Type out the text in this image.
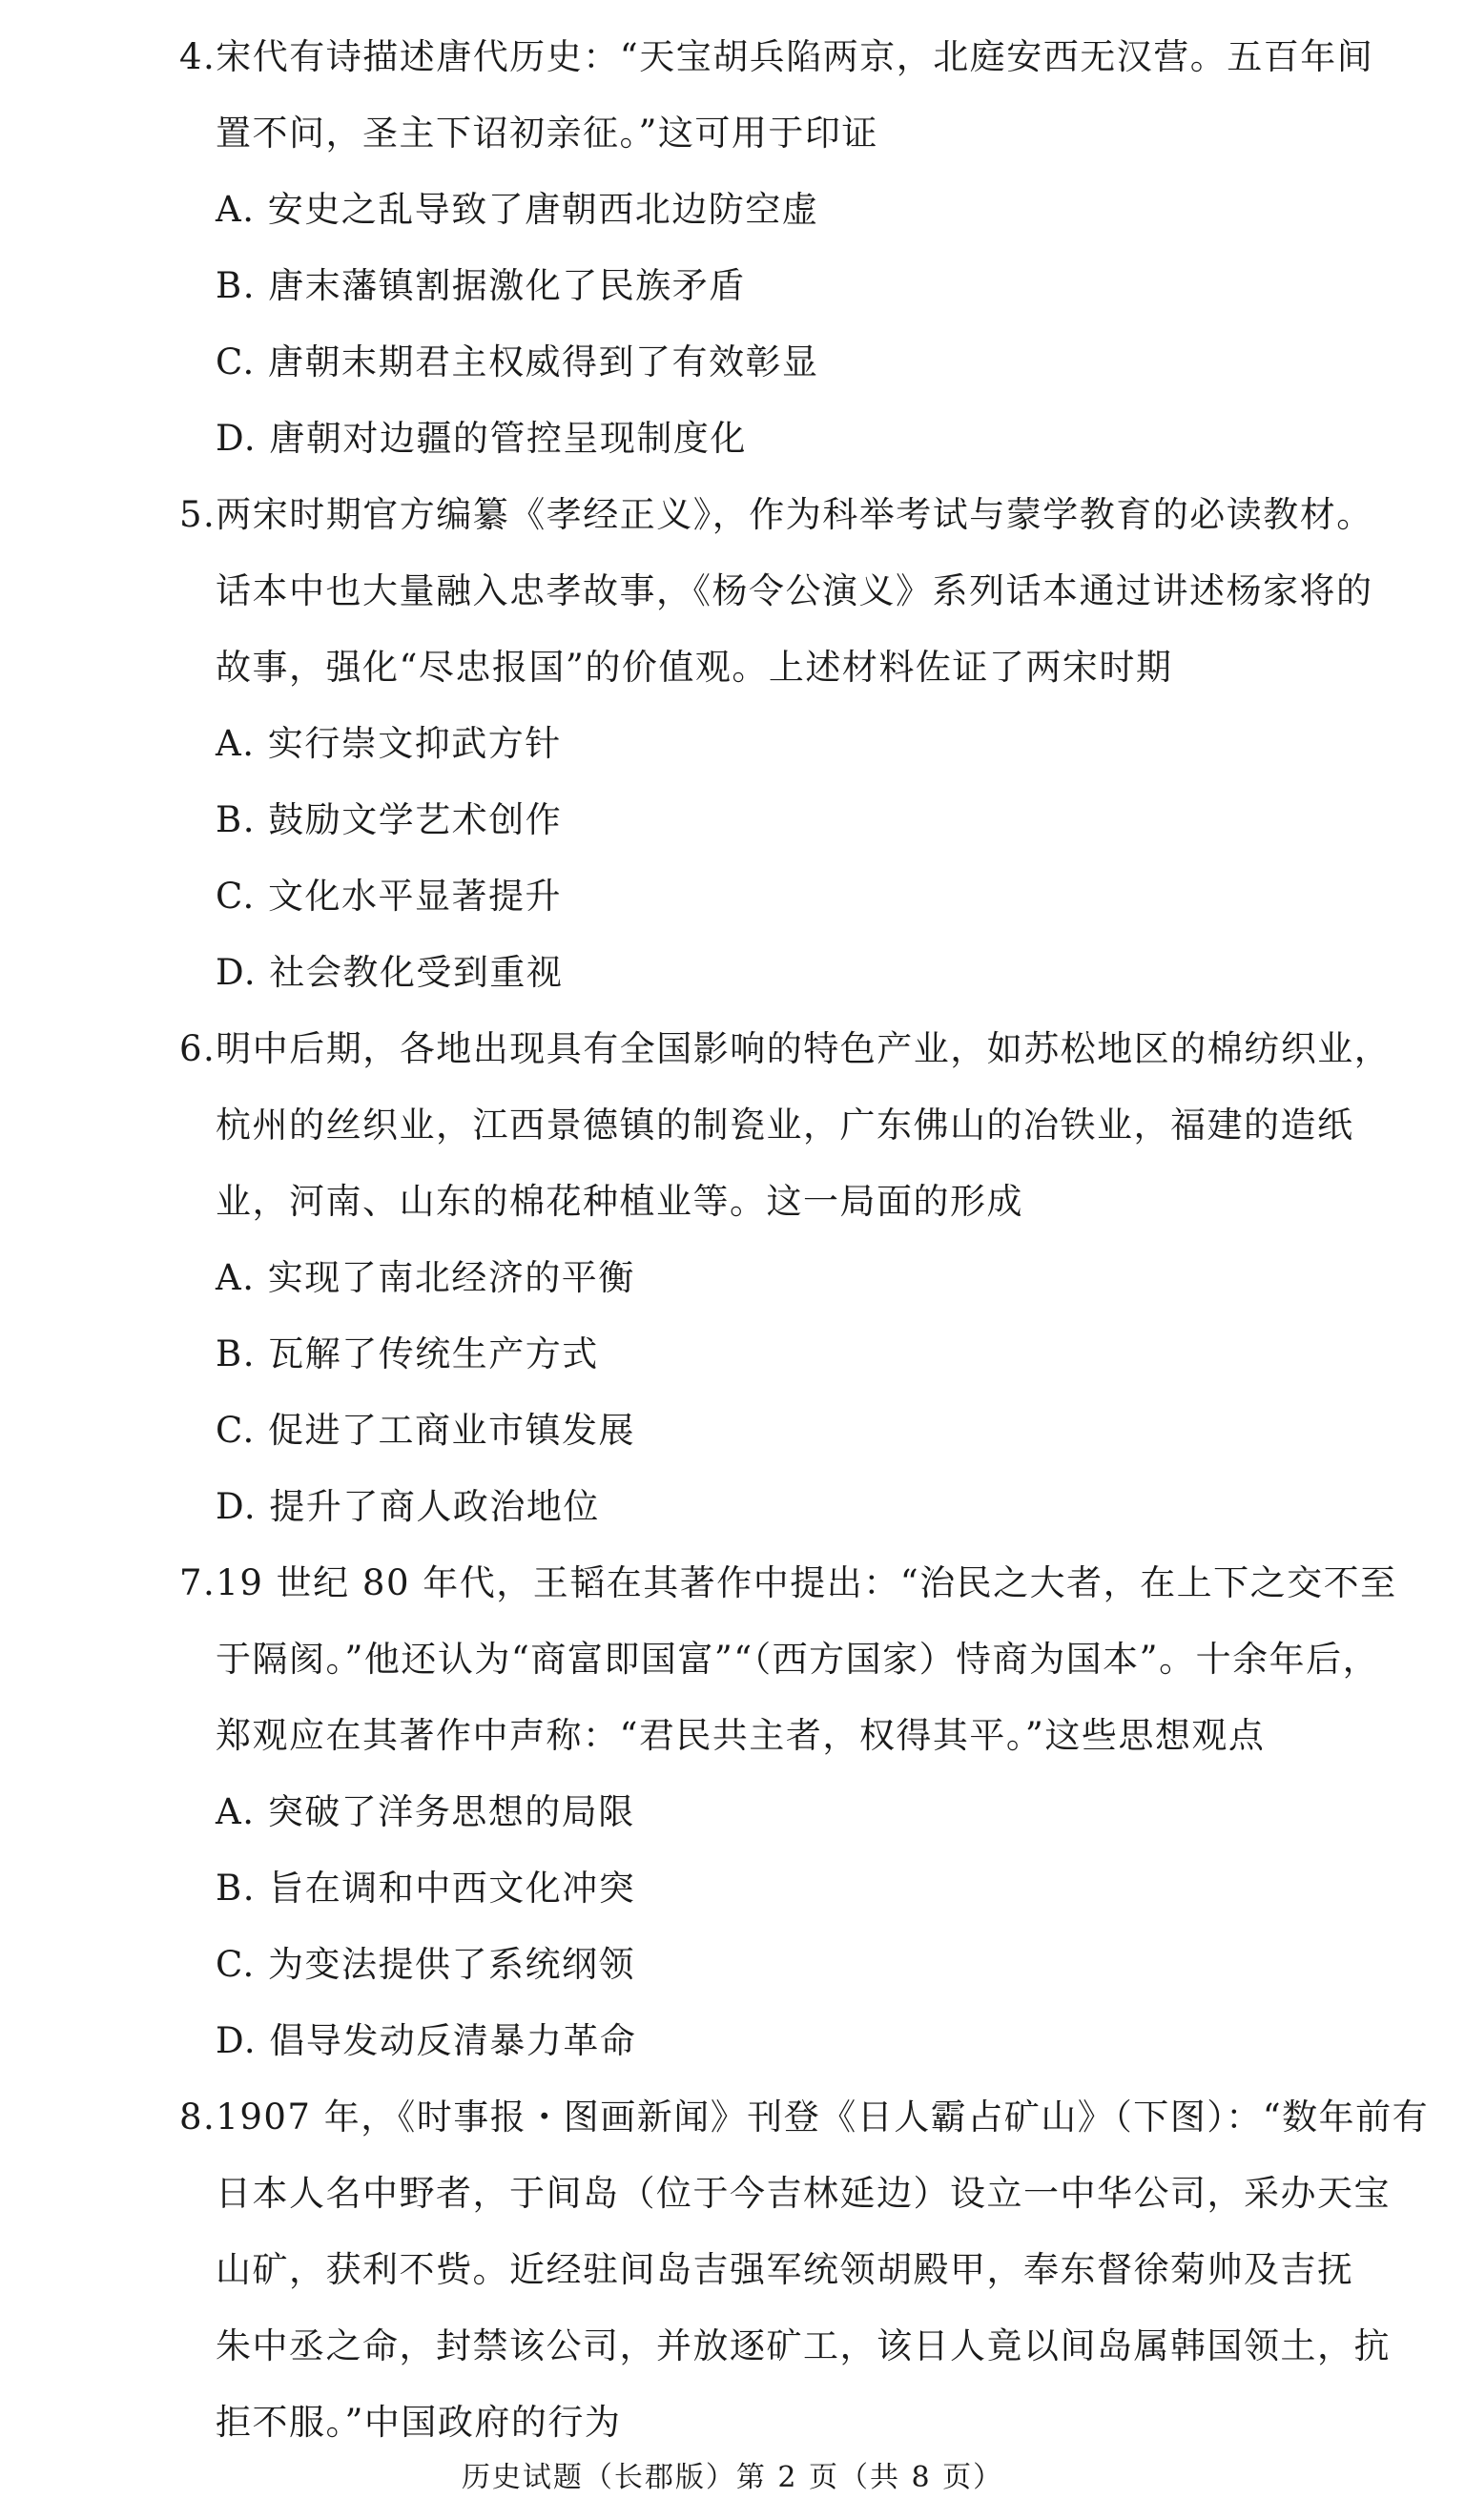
4.宋代有诗描述唐代历史：“天宝胡兵陷两京，北庭安西无汉营。五百年间
置不问，圣主下诏初亲征。”这可用于印证
A. 安史之乱导致了唐朝西北边防空虚
B. 唐末藩镇割据激化了民族矛盾
C. 唐朝末期君主权威得到了有效彰显
D. 唐朝对边疆的管控呈现制度化
5.两宋时期官方编纂《孝经正义》，作为科举考试与蒙学教育的必读教材。
话本中也大量融入忠孝故事，《杨令公演义》系列话本通过讲述杨家将的
故事，强化“尽忠报国”的价值观。上述材料佐证了两宋时期
A. 实行崇文抑武方针
B. 鼓励文学艺术创作
C. 文化水平显著提升
D. 社会教化受到重视
6.明中后期，各地出现具有全国影响的特色产业，如苏松地区的棉纺织业，
杭州的丝织业，江西景德镇的制瓷业，广东佛山的冶铁业，福建的造纸
业，河南、山东的棉花种植业等。这一局面的形成
A. 实现了南北经济的平衡
B. 瓦解了传统生产方式
C. 促进了工商业市镇发展
D. 提升了商人政治地位
7.19 世纪 80 年代，王韬在其著作中提出：“治民之大者，在上下之交不至
于隔阂。”他还认为“商富即国富”“（西方国家）恃商为国本”。十余年后，
郑观应在其著作中声称：“君民共主者，权得其平。”这些思想观点
A. 突破了洋务思想的局限
B. 旨在调和中西文化冲突
C. 为变法提供了系统纲领
D. 倡导发动反清暴力革命
8.1907 年，《时事报・图画新闻》刊登《日人霸占矿山》（下图）：“数年前有
日本人名中野者，于间岛（位于今吉林延边）设立一中华公司，采办天宝
山矿，获利不赀。近经驻间岛吉强军统领胡殿甲，奉东督徐菊帅及吉抚
朱中丞之命，封禁该公司，并放逐矿工，该日人竟以间岛属韩国领土，抗
拒不服。”中国政府的行为
历史试题（长郡版）第 2 页（共 8 页）
